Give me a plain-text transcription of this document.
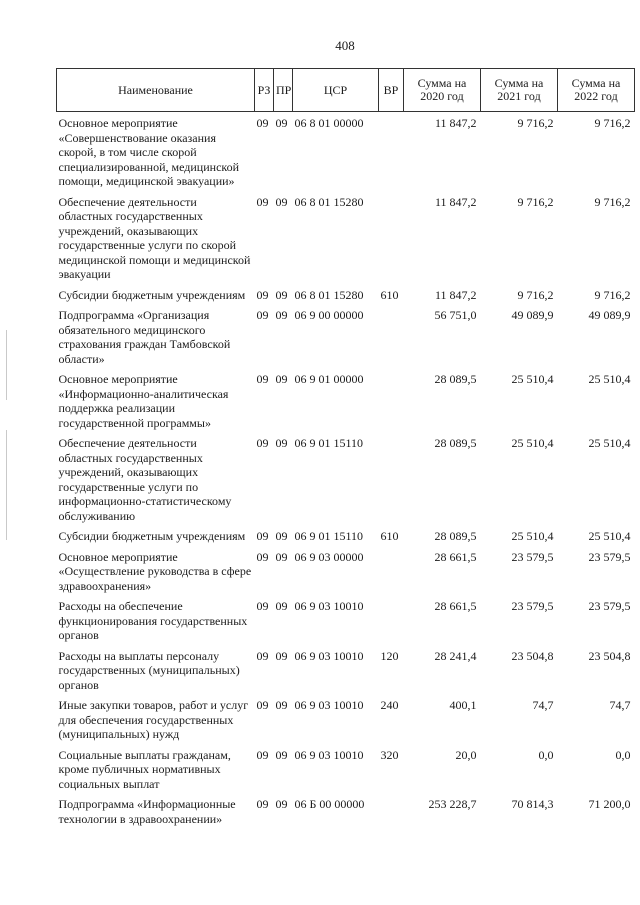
408
Наименование	РЗ	ПР	ЦСР	ВР	Сумма на 2020 год	Сумма на 2021 год	Сумма на 2022 год
Основное мероприятие «Совершенствование оказания скорой, в том числе скорой специализированной, медицинской помощи, медицинской эвакуации»	09	09	06 8 01 00000		11 847,2	9 716,2	9 716,2
Обеспечение деятельности областных государственных учреждений, оказывающих государственные услуги по скорой медицинской помощи и медицинской эвакуации	09	09	06 8 01 15280		11 847,2	9 716,2	9 716,2
Субсидии бюджетным учреждениям	09	09	06 8 01 15280	610	11 847,2	9 716,2	9 716,2
Подпрограмма «Организация обязательного медицинского страхования граждан Тамбовской области»	09	09	06 9 00 00000		56 751,0	49 089,9	49 089,9
Основное мероприятие «Информационно-аналитическая поддержка реализации государственной программы»	09	09	06 9 01 00000		28 089,5	25 510,4	25 510,4
Обеспечение деятельности областных государственных учреждений, оказывающих государственные услуги по информационно-статистическому обслуживанию	09	09	06 9 01 15110		28 089,5	25 510,4	25 510,4
Субсидии бюджетным учреждениям	09	09	06 9 01 15110	610	28 089,5	25 510,4	25 510,4
Основное мероприятие «Осуществление руководства в сфере здравоохранения»	09	09	06 9 03 00000		28 661,5	23 579,5	23 579,5
Расходы на обеспечение функционирования государственных органов	09	09	06 9 03 10010		28 661,5	23 579,5	23 579,5
Расходы на выплаты персоналу государственных (муниципальных) органов	09	09	06 9 03 10010	120	28 241,4	23 504,8	23 504,8
Иные закупки товаров, работ и услуг для обеспечения государственных (муниципальных) нужд	09	09	06 9 03 10010	240	400,1	74,7	74,7
Социальные выплаты гражданам, кроме публичных нормативных социальных выплат	09	09	06 9 03 10010	320	20,0	0,0	0,0
Подпрограмма «Информационные технологии в здравоохранении»	09	09	06 Б 00 00000		253 228,7	70 814,3	71 200,0
